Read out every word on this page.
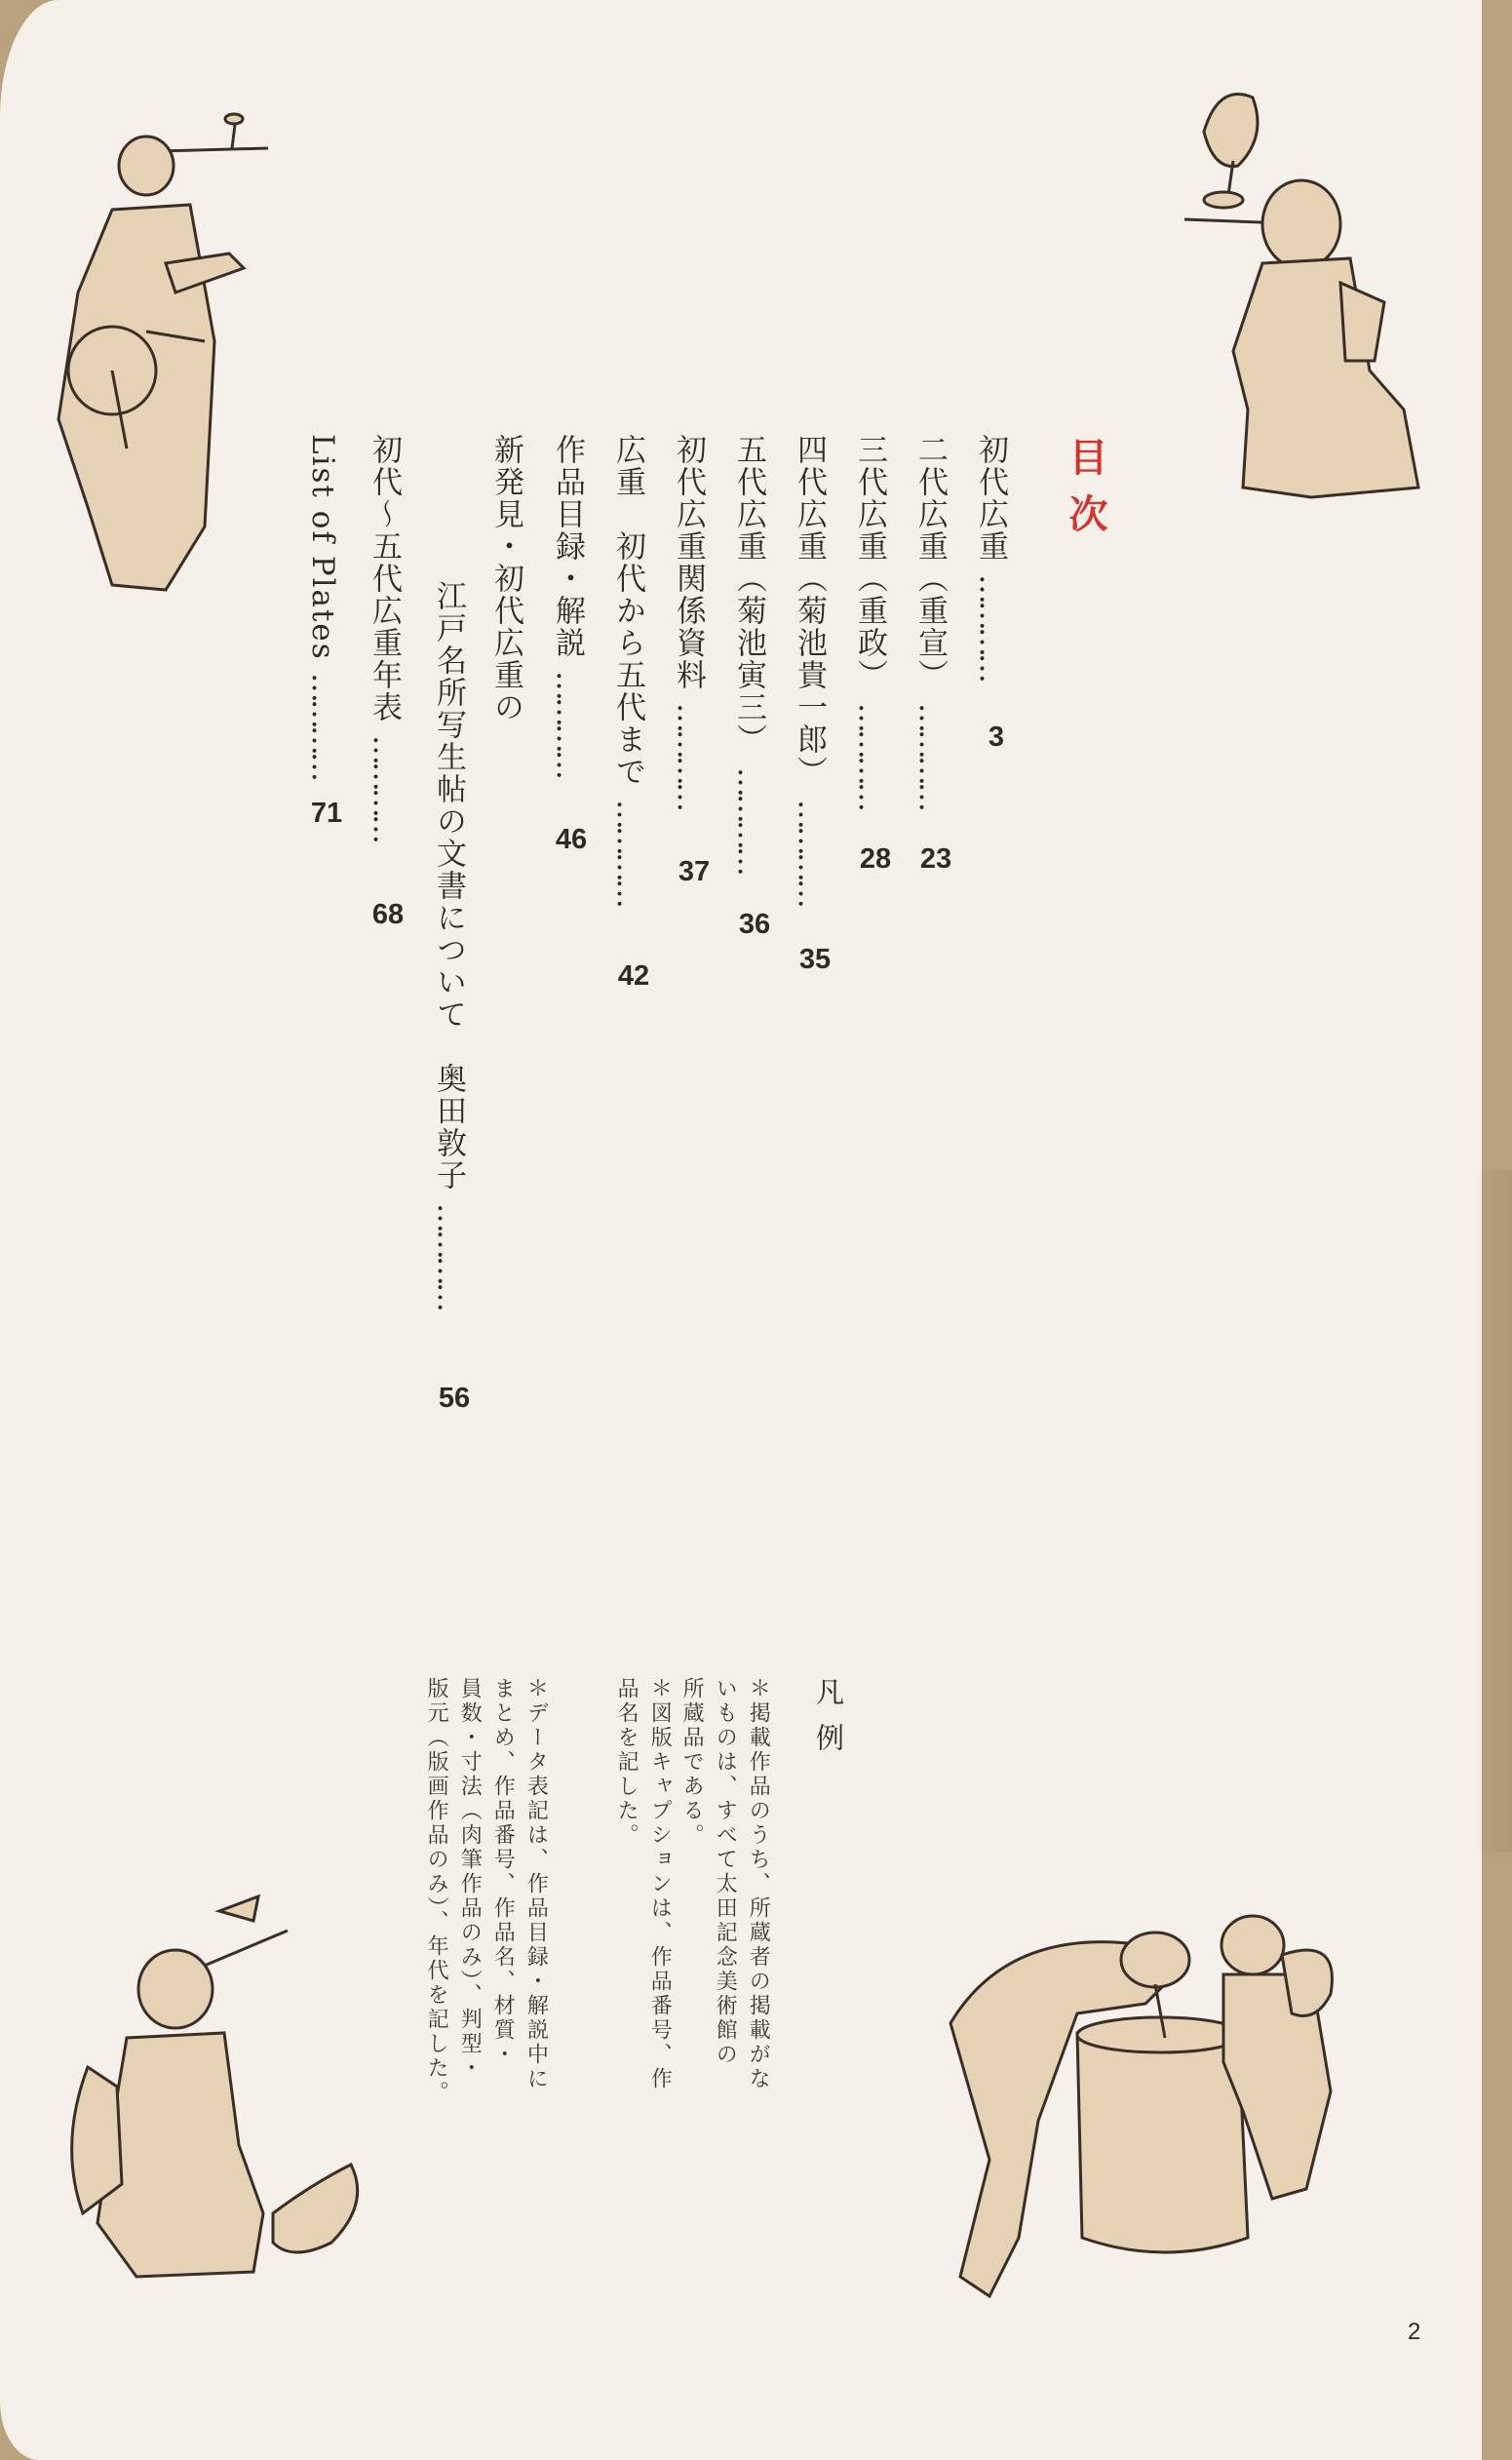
目次
初代広重 …………
3
二代広重（重宣） …………
23
三代広重（重政） …………
28
四代広重（菊池貴一郎） …………
35
五代広重（菊池寅三） …………
36
初代広重関係資料 …………
37
広重　初代から五代まで …………
42
作品目録・解説 …………
46
新発見・初代広重の
江戸名所写生帖の文書について　奥田敦子 …………
56
初代〜五代広重年表 …………
68
List of Plates …………
71
凡例
＊掲載作品のうち、所蔵者の掲載がな
いものは、すべて太田記念美術館の
所蔵品である。
＊図版キャプションは、作品番号、作
品名を記した。
＊データ表記は、作品目録・解説中に
まとめ、作品番号、作品名、材質・
員数・寸法（肉筆作品のみ）、判型・
版元（版画作品のみ）、年代を記した。
2
